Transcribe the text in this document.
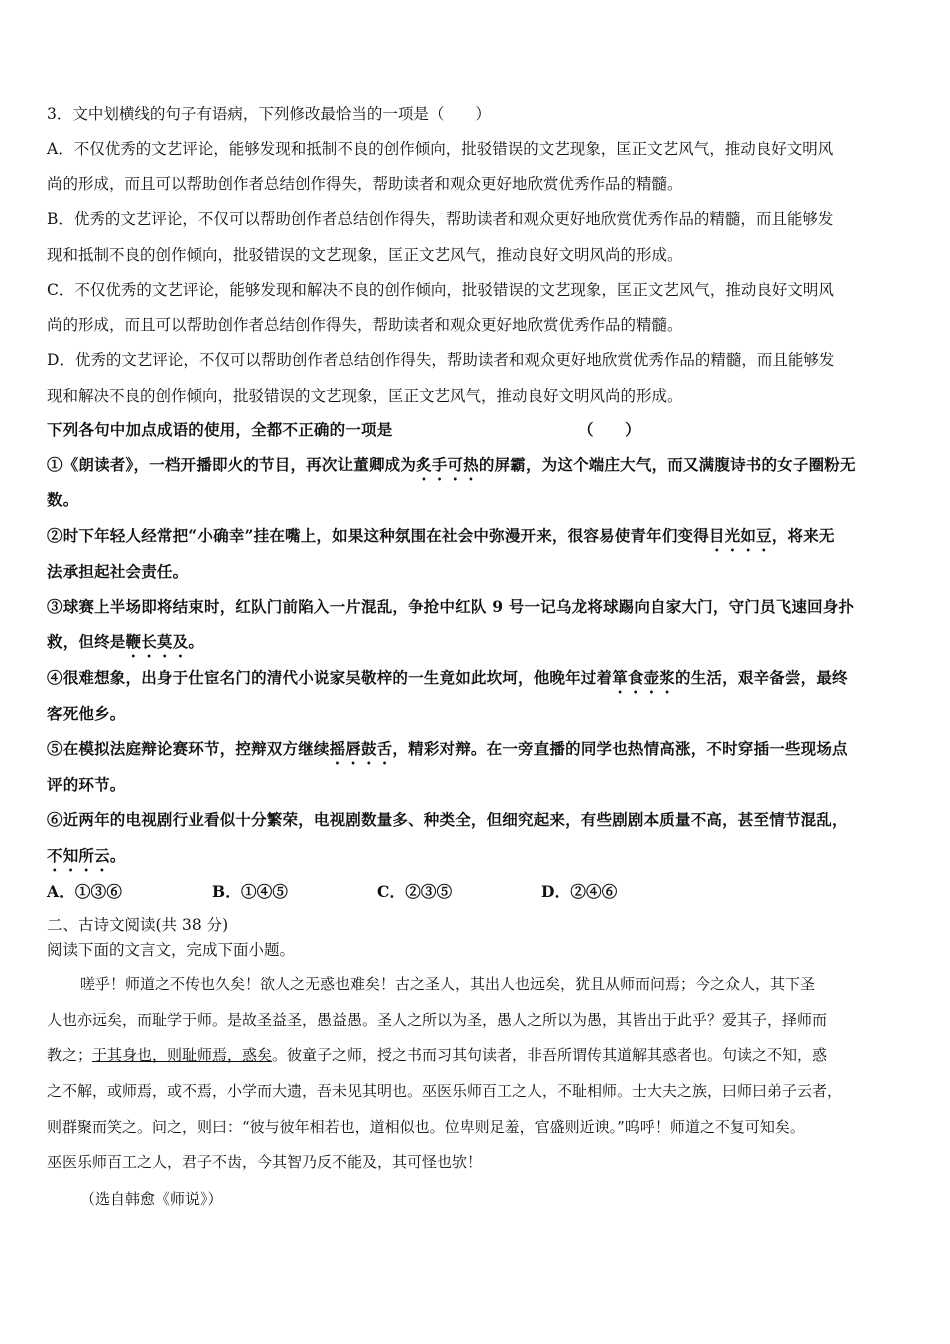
3．文中划横线的句子有语病，下列修改最恰当的一项是（　　）
A．不仅优秀的文艺评论，能够发现和抵制不良的创作倾向，批驳错误的文艺现象，匡正文艺风气，推动良好文明风
尚的形成，而且可以帮助创作者总结创作得失，帮助读者和观众更好地欣赏优秀作品的精髓。
B．优秀的文艺评论，不仅可以帮助创作者总结创作得失，帮助读者和观众更好地欣赏优秀作品的精髓，而且能够发
现和抵制不良的创作倾向，批驳错误的文艺现象，匡正文艺风气，推动良好文明风尚的形成。
C．不仅优秀的文艺评论，能够发现和解决不良的创作倾向，批驳错误的文艺现象，匡正文艺风气，推动良好文明风
尚的形成，而且可以帮助创作者总结创作得失，帮助读者和观众更好地欣赏优秀作品的精髓。
D．优秀的文艺评论，不仅可以帮助创作者总结创作得失，帮助读者和观众更好地欣赏优秀作品的精髓，而且能够发
现和解决不良的创作倾向，批驳错误的文艺现象，匡正文艺风气，推动良好文明风尚的形成。
下列各句中加点成语的使用，全都不正确的一项是	（　　）
①《朗读者》，一档开播即火的节目，再次让董卿成为炙手可热的屏霸，为这个端庄大气，而又满腹诗书的女子圈粉无
数。
②时下年轻人经常把“小确幸”挂在嘴上，如果这种氛围在社会中弥漫开来，很容易使青年们变得目光如豆，将来无
法承担起社会责任。
③球赛上半场即将结束时，红队门前陷入一片混乱，争抢中红队 9 号一记乌龙将球踢向自家大门，守门员飞速回身扑
救，但终是鞭长莫及。
④很难想象，出身于仕宦名门的清代小说家吴敬梓的一生竟如此坎坷，他晚年过着箪食壶浆的生活，艰辛备尝，最终
客死他乡。
⑤在模拟法庭辩论赛环节，控辩双方继续摇唇鼓舌，精彩对辩。在一旁直播的同学也热情高涨，不时穿插一些现场点
评的环节。
⑥近两年的电视剧行业看似十分繁荣，电视剧数量多、种类全，但细究起来，有些剧剧本质量不高，甚至情节混乱，
不知所云。
A．①③⑥	B．①④⑤	C．②③⑤	D．②④⑥
二、古诗文阅读(共 38 分)
阅读下面的文言文，完成下面小题。
嗟乎！师道之不传也久矣！欲人之无惑也难矣！古之圣人，其出人也远矣，犹且从师而问焉；今之众人，其下圣
人也亦远矣，而耻学于师。是故圣益圣，愚益愚。圣人之所以为圣，愚人之所以为愚，其皆出于此乎？爱其子，择师而
教之；于其身也，则耻师焉，惑矣。彼童子之师，授之书而习其句读者，非吾所谓传其道解其惑者也。句读之不知，惑
之不解，或师焉，或不焉，小学而大遗，吾未见其明也。巫医乐师百工之人，不耻相师。士大夫之族，曰师曰弟子云者，
则群聚而笑之。问之，则曰：“彼与彼年相若也，道相似也。位卑则足羞，官盛则近谀。”呜呼！师道之不复可知矣。
巫医乐师百工之人，君子不齿，今其智乃反不能及，其可怪也欤！
（选自韩愈《师说》）
